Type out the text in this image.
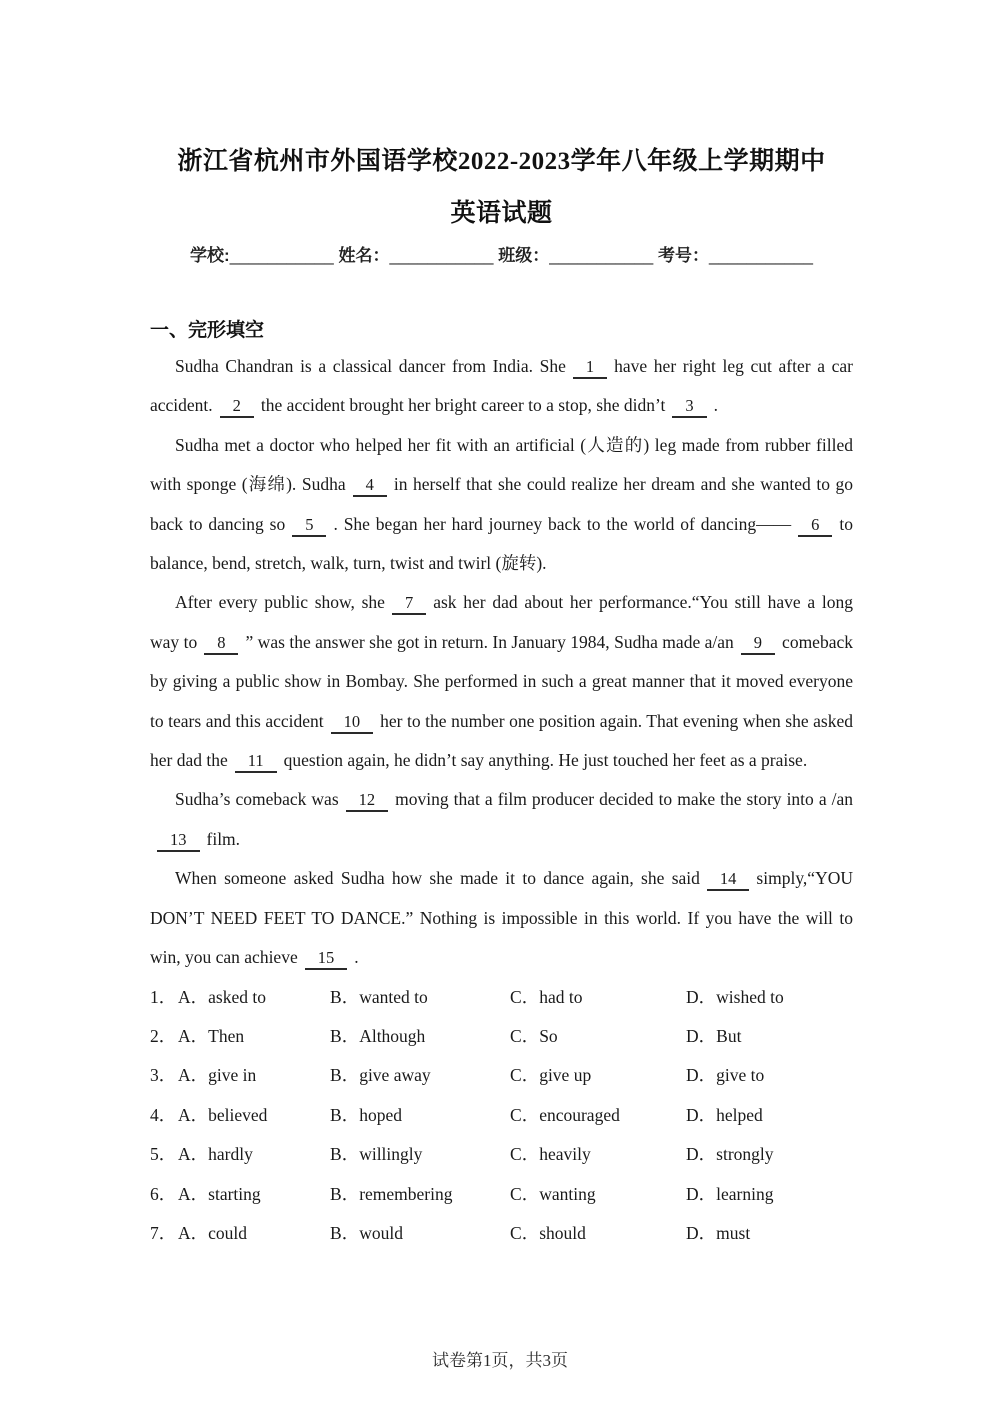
浙江省杭州市外国语学校2022-2023学年八年级上学期期中
英语试题
学校:___________ 姓名：___________ 班级：___________ 考号：___________
一、完形填空

Sudha Chandran is a classical dancer from India. She 1 have her right leg cut after a car accident. 2 the accident brought her bright career to a stop, she didn’t 3 .

Sudha met a doctor who helped her fit with an artificial (人造的) leg made from rubber filled with sponge (海绵). Sudha 4 in herself that she could realize her dream and she wanted to go back to dancing so 5 . She began her hard journey back to the world of dancing—— 6 to balance, bend, stretch, walk, turn, twist and twirl (旋转).

After every public show, she 7 ask her dad about her performance.“You still have a long way to 8 ” was the answer she got in return. In January 1984, Sudha made a/an 9 comeback by giving a public show in Bombay. She performed in such a great manner that it moved everyone to tears and this accident 10 her to the number one position again. That evening when she asked her dad the 11 question again, he didn’t say anything. He just touched her feet as a praise.

Sudha’s comeback was 12 moving that a film producer decided to make the story into a /an13 film.

When someone asked Sudha how she made it to dance again, she said 14 simply,“YOU DON’T NEED FEET TO DANCE.” Nothing is impossible in this world. If you have the will to win, you can achieve 15 .

1． A．asked to	B．wanted to	C．had to	D．wished to
2． A．Then	B．Although	C．So	D．But
3． A．give in	B．give away	C．give up	D．give to
4． A．believed	B．hoped	C．encouraged	D．helped
5． A．hardly	B．willingly	C．heavily	D．strongly
6． A．starting	B．remembering	C．wanting	D．learning
7． A．could	B．would	C．should	D．must
试卷第1页，共3页
